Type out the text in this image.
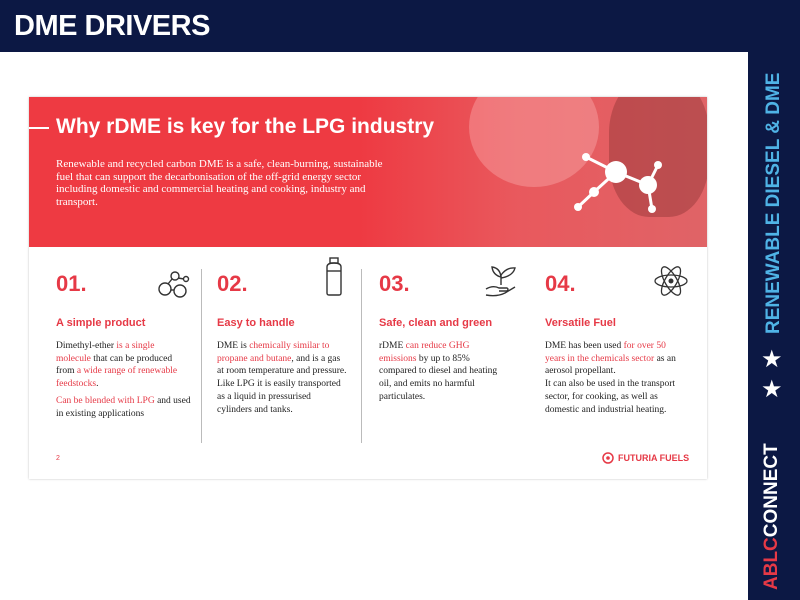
DME DRIVERS
RENEWABLE DIESEL & DME
★
★
ABLCCONNECT
Why rDME is key for the LPG industry
Renewable and recycled carbon DME is a safe, clean-burning, sustainable fuel that can support the decarbonisation of the off-grid energy sector including domestic and commercial heating and cooking, industry and transport.
01.
A simple product

Dimethyl-ether is a single molecule that can be produced from a wide range of renewable feedstocks.

Can be blended with LPG and used in existing applications

02.
Easy to handle

DME is chemically similar to propane and butane, and is a gas at room temperature and pressure. Like LPG it is easily transported as a liquid in pressurised cylinders and tanks.

03.
Safe, clean and green

rDME can reduce GHG emissions by up to 85% compared to diesel and heating oil, and emits no harmful particulates.

04.
Versatile Fuel

DME has been used for over 50 years in the chemicals sector as an aerosol propellant.

It can also be used in the transport sector, for cooking, as well as domestic and industrial heating.

2	FUTURIA FUELS
